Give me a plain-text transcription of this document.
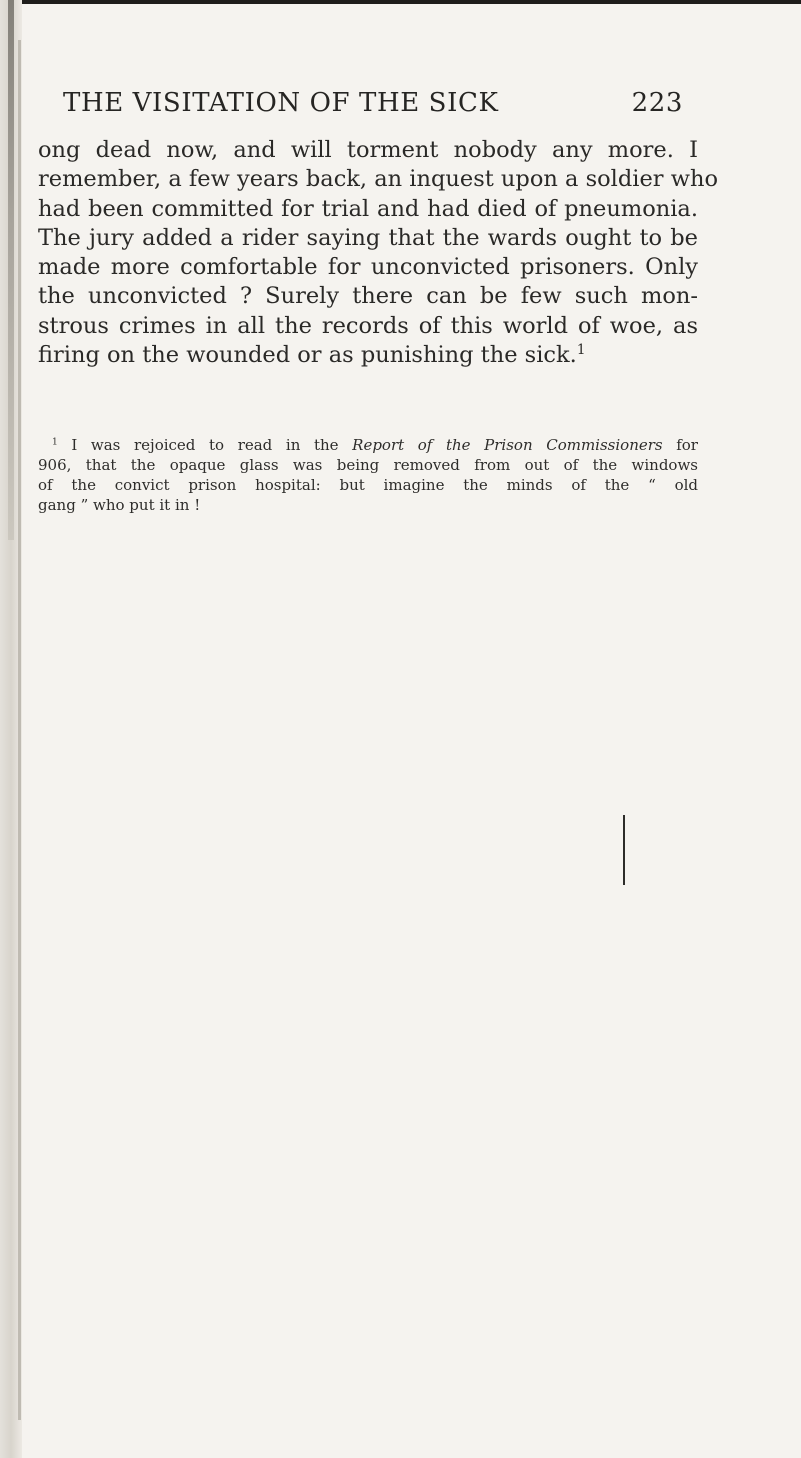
THE VISITATION OF THE SICK	223
ong dead now, and will torment nobody any more. I
remember, a few years back, an inquest upon a soldier who
had been committed for trial and had died of pneumonia.
The jury added a rider saying that the wards ought to be
made more comfortable for unconvicted prisoners. Only
the unconvicted ? Surely there can be few such mon-
strous crimes in all the records of this world of woe, as
firing on the wounded or as punishing the sick.$^1$
$^1$ I was rejoiced to read in the Report of the Prison Commissioners for
906, that the opaque glass was being removed from out of the windows
of the convict prison hospital: but imagine the minds of the “ old
gang ” who put it in !
